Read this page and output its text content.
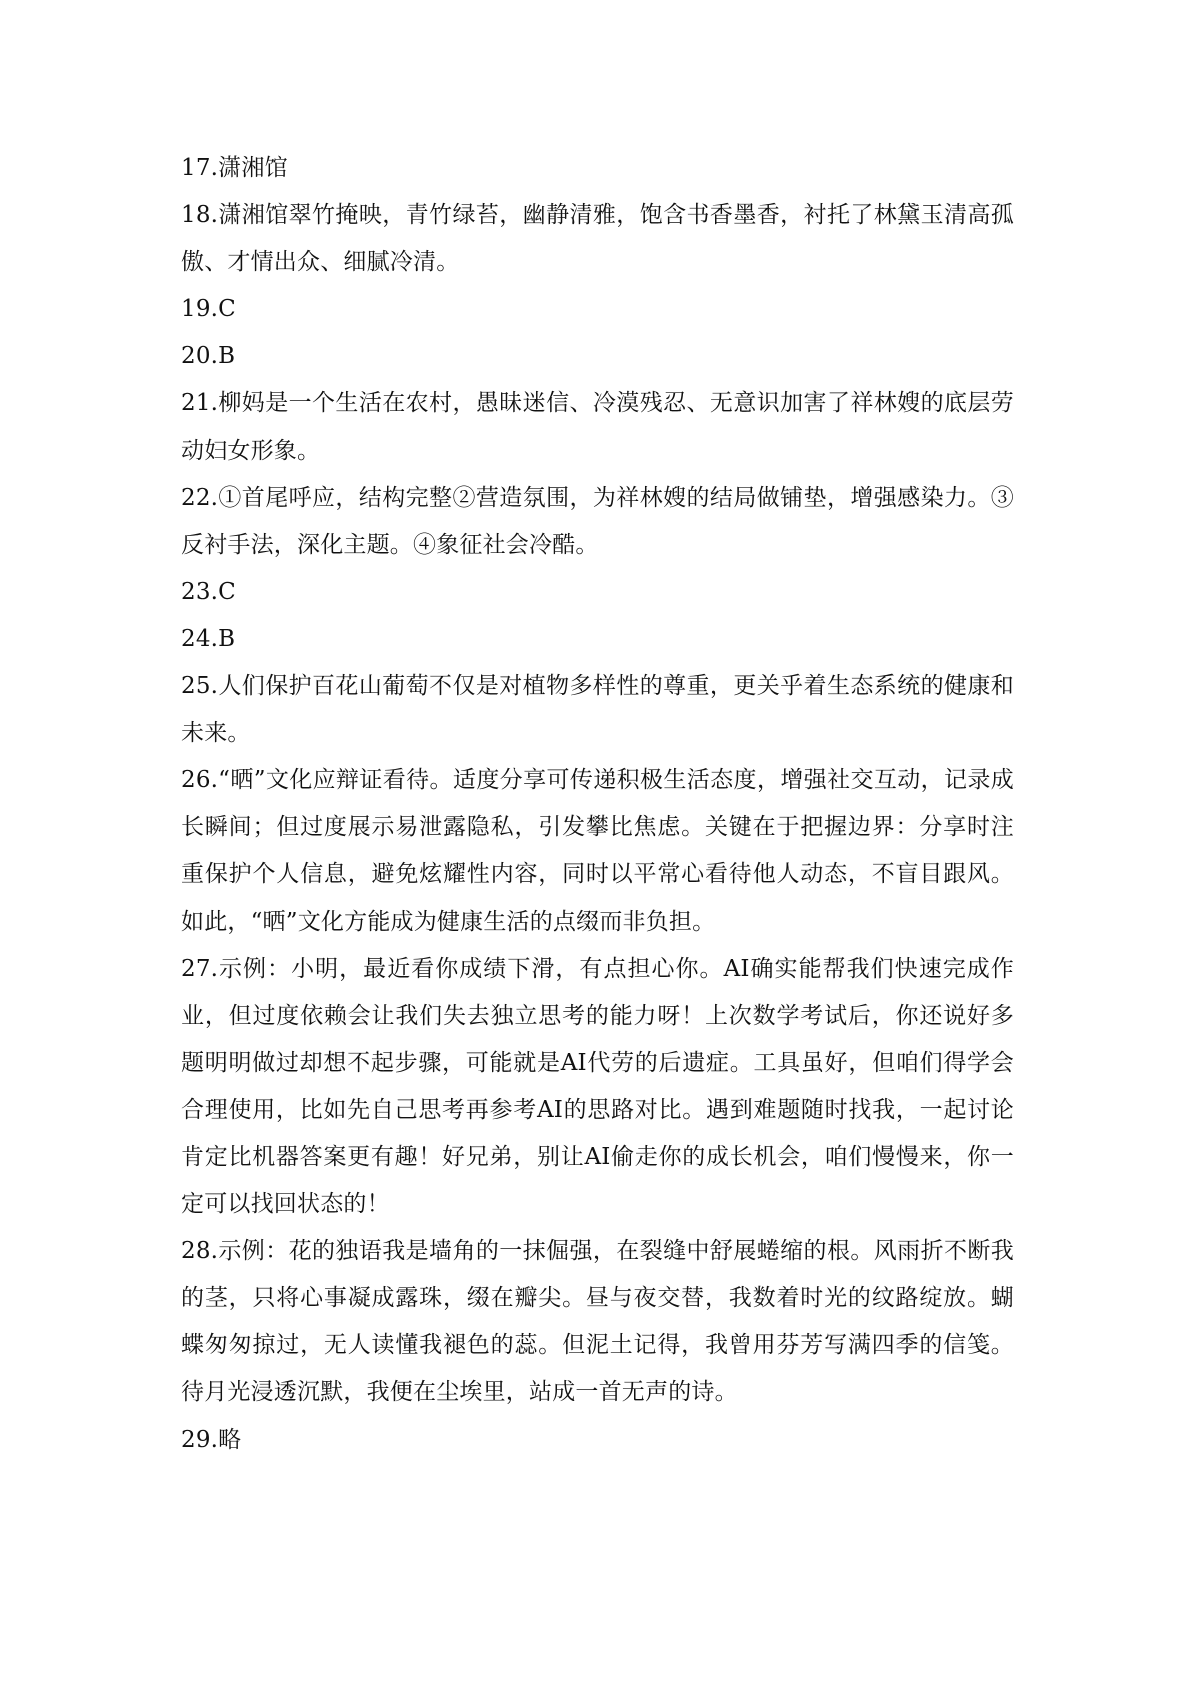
17.潇湘馆
18.潇湘馆翠竹掩映，青竹绿苔，幽静清雅，饱含书香墨香，衬托了林黛玉清高孤傲、才情出众、细腻冷清。
19.C
20.B
21.柳妈是一个生活在农村，愚昧迷信、冷漠残忍、无意识加害了祥林嫂的底层劳动妇女形象。
22.①首尾呼应，结构完整②营造氛围，为祥林嫂的结局做铺垫，增强感染力。③反衬手法，深化主题。④象征社会冷酷。
23.C
24.B
25.人们保护百花山葡萄不仅是对植物多样性的尊重，更关乎着生态系统的健康和未来。
26.“晒”文化应辩证看待。适度分享可传递积极生活态度，增强社交互动，记录成长瞬间；但过度展示易泄露隐私，引发攀比焦虑。关键在于把握边界：分享时注重保护个人信息，避免炫耀性内容，同时以平常心看待他人动态，不盲目跟风。如此，“晒”文化方能成为健康生活的点缀而非负担。
27.示例：小明，最近看你成绩下滑，有点担心你。AI确实能帮我们快速完成作业，但过度依赖会让我们失去独立思考的能力呀！上次数学考试后，你还说好多题明明做过却想不起步骤，可能就是AI代劳的后遗症。工具虽好，但咱们得学会合理使用，比如先自己思考再参考AI的思路对比。遇到难题随时找我，一起讨论肯定比机器答案更有趣！好兄弟，别让AI偷走你的成长机会，咱们慢慢来，你一定可以找回状态的！
28.示例：花的独语我是墙角的一抹倔强，在裂缝中舒展蜷缩的根。风雨折不断我的茎，只将心事凝成露珠，缀在瓣尖。昼与夜交替，我数着时光的纹路绽放。蝴蝶匆匆掠过，无人读懂我褪色的蕊。但泥土记得，我曾用芬芳写满四季的信笺。待月光浸透沉默，我便在尘埃里，站成一首无声的诗。
29.略
